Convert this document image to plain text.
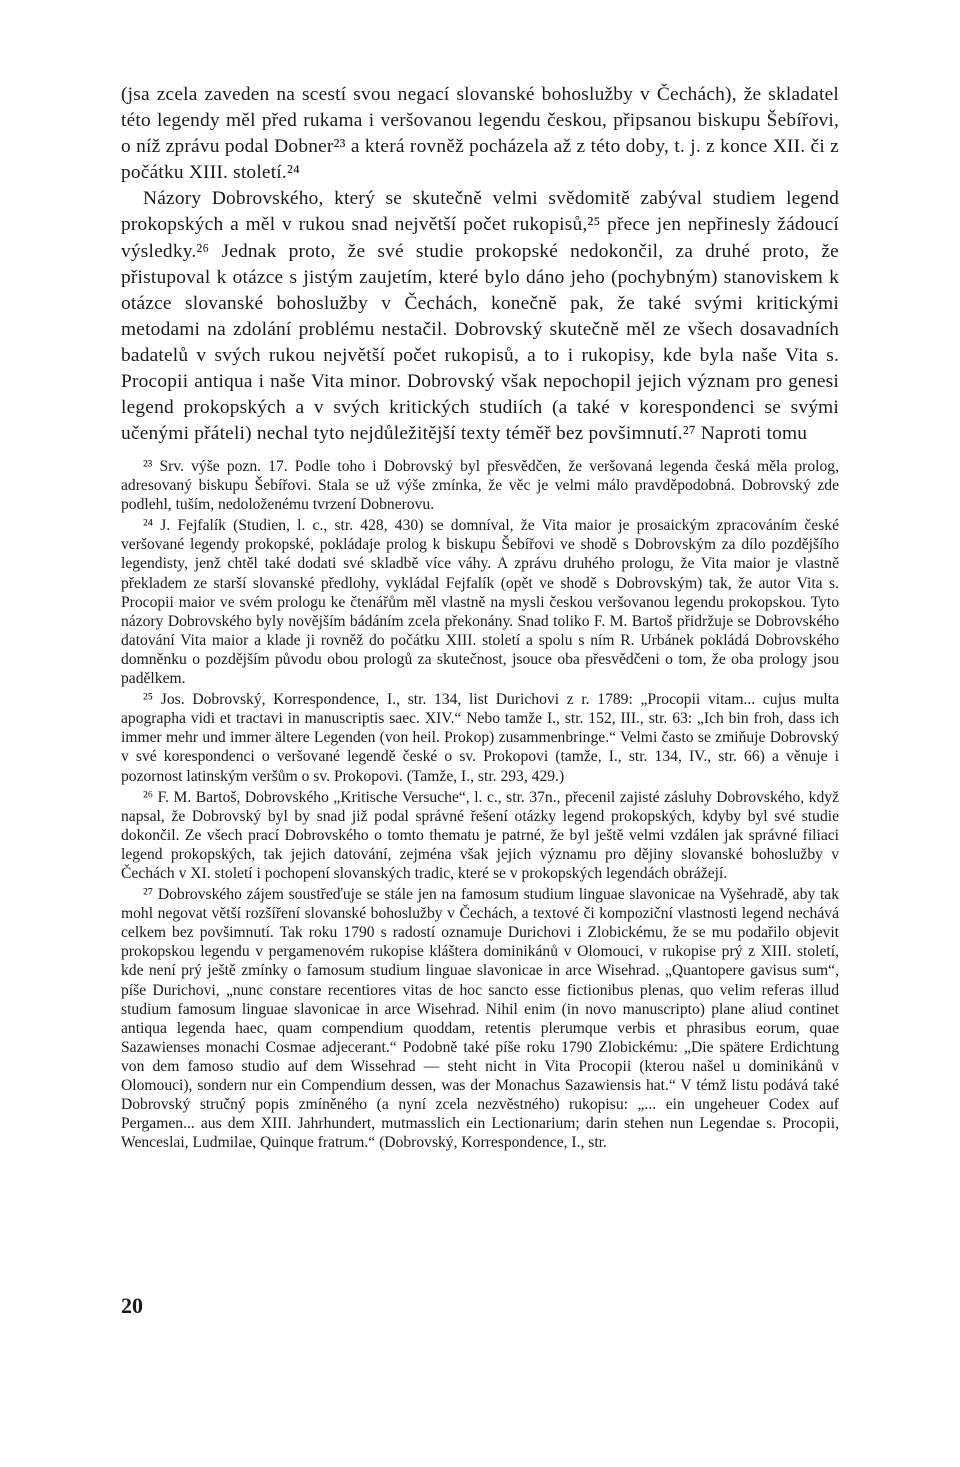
(jsa zcela zaveden na scestí svou negací slovanské bohoslužby v Čechách), že skladatel této legendy měl před rukama i veršovanou legendu českou, připsanou biskupu Šebířovi, o níž zprávu podal Dobner²³ a která rovněž pocházela až z této doby, t. j. z konce XII. či z počátku XIII. století.²⁴

Názory Dobrovského, který se skutečně velmi svědomitě zabýval studiem legend prokopských a měl v rukou snad největší počet rukopisů,²⁵ přece jen nepřinesly žádoucí výsledky.²⁶ Jednak proto, že své studie prokopské nedokončil, za druhé proto, že přistupoval k otázce s jistým zaujetím, které bylo dáno jeho (pochybným) stanoviskem k otázce slovanské bohoslužby v Čechách, konečně pak, že také svými kritickými metodami na zdolání problému nestačil. Dobrovský skutečně měl ze všech dosavadních badatelů v svých rukou největší počet rukopisů, a to i rukopisy, kde byla naše Vita s. Procopii antiqua i naše Vita minor. Dobrovský však nepochopil jejich význam pro genesi legend prokopských a v svých kritických studiích (a také v korespondenci se svými učenými přáteli) nechal tyto nejdůležitější texty téměř bez povšimnutí.²⁷ Naproti tomu

²³ Srv. výše pozn. 17. Podle toho i Dobrovský byl přesvědčen, že veršovaná legenda česká měla prolog, adresovaný biskupu Šebířovi. Stala se už výše zmínka, že věc je velmi málo pravděpodobná. Dobrovský zde podlehl, tuším, nedoloženému tvrzení Dobnerovu.

²⁴ J. Fejfalík (Studien, l. c., str. 428, 430) se domníval, že Vita maior je prosaickým zpracováním české veršované legendy prokopské, pokládaje prolog k biskupu Šebířovi ve shodě s Dobrovským za dílo pozdějšího legendisty, jenž chtěl také dodati své skladbě více váhy. A zprávu druhého prologu, že Vita maior je vlastně překladem ze starší slovanské předlohy, vykládal Fejfalík (opět ve shodě s Dobrovským) tak, že autor Vita s. Procopii maior ve svém prologu ke čtenářům měl vlastně na mysli českou veršovanou legendu prokopskou. Tyto názory Dobrovského byly novějším bádáním zcela překonány. Snad toliko F. M. Bartoš přidržuje se Dobrovského datování Vita maior a klade ji rovněž do počátku XIII. století a spolu s ním R. Urbánek pokládá Dobrovského domněnku o pozdějším původu obou prologů za skutečnost, jsouce oba přesvědčeni o tom, že oba prology jsou padělkem.

²⁵ Jos. Dobrovský, Korrespondence, I., str. 134, list Durichovi z r. 1789: „Procopii vitam... cujus multa apographa vidi et tractavi in manuscriptis saec. XIV.“ Nebo tamže I., str. 152, III., str. 63: „Ich bin froh, dass ich immer mehr und immer ältere Legenden (von heil. Prokop) zusammenbringe.“ Velmi často se zmiňuje Dobrovský v své korespondenci o veršované legendě české o sv. Prokopovi (tamže, I., str. 134, IV., str. 66) a věnuje i pozornost latinským veršům o sv. Prokopovi. (Tamže, I., str. 293, 429.)

²⁶ F. M. Bartoš, Dobrovského „Kritische Versuche“, l. c., str. 37n., přecenil zajisté zásluhy Dobrovského, když napsal, že Dobrovský byl by snad již podal správné řešení otázky legend prokopských, kdyby byl své studie dokončil. Ze všech prací Dobrovského o tomto thematu je patrné, že byl ještě velmi vzdálen jak správné filiaci legend prokopských, tak jejich datování, zejména však jejich významu pro dějiny slovanské bohoslužby v Čechách v XI. století i pochopení slovanských tradic, které se v prokopských legendách obrážejí.

²⁷ Dobrovského zájem soustřeďuje se stále jen na famosum studium linguae slavonicae na Vyšehradě, aby tak mohl negovat větší rozšíření slovanské bohoslužby v Čechách, a textové či kompoziční vlastnosti legend nechává celkem bez povšimnutí. Tak roku 1790 s radostí oznamuje Durichovi i Zlobickému, že se mu podařilo objevit prokopskou legendu v pergamenovém rukopise kláštera dominikánů v Olomouci, v rukopise prý z XIII. století, kde není prý ještě zmínky o famosum studium linguae slavonicae in arce Wisehrad. „Quantopere gavisus sum“, píše Durichovi, „nunc constare recentiores vitas de hoc sancto esse fictionibus plenas, quo velim referas illud studium famosum linguae slavonicae in arce Wisehrad. Nihil enim (in novo manuscripto) plane aliud continet antiqua legenda haec, quam compendium quoddam, retentis plerumque verbis et phrasibus eorum, quae Sazawienses monachi Cosmae adjecerant.“ Podobně také píše roku 1790 Zlobickému: „Die spätere Erdichtung von dem famoso studio auf dem Wissehrad — steht nicht in Vita Procopii (kterou našel u dominikánů v Olomouci), sondern nur ein Compendium dessen, was der Monachus Sazawiensis hat.“ V témž listu podává také Dobrovský stručný popis zmíněného (a nyní zcela nezvěstného) rukopisu: „... ein ungeheuer Codex auf Pergamen... aus dem XIII. Jahrhundert, mutmasslich ein Lectionarium; darin stehen nun Legendae s. Procopii, Wenceslai, Ludmilae, Quinque fratrum.“ (Dobrovský, Korrespondence, I., str.

20
